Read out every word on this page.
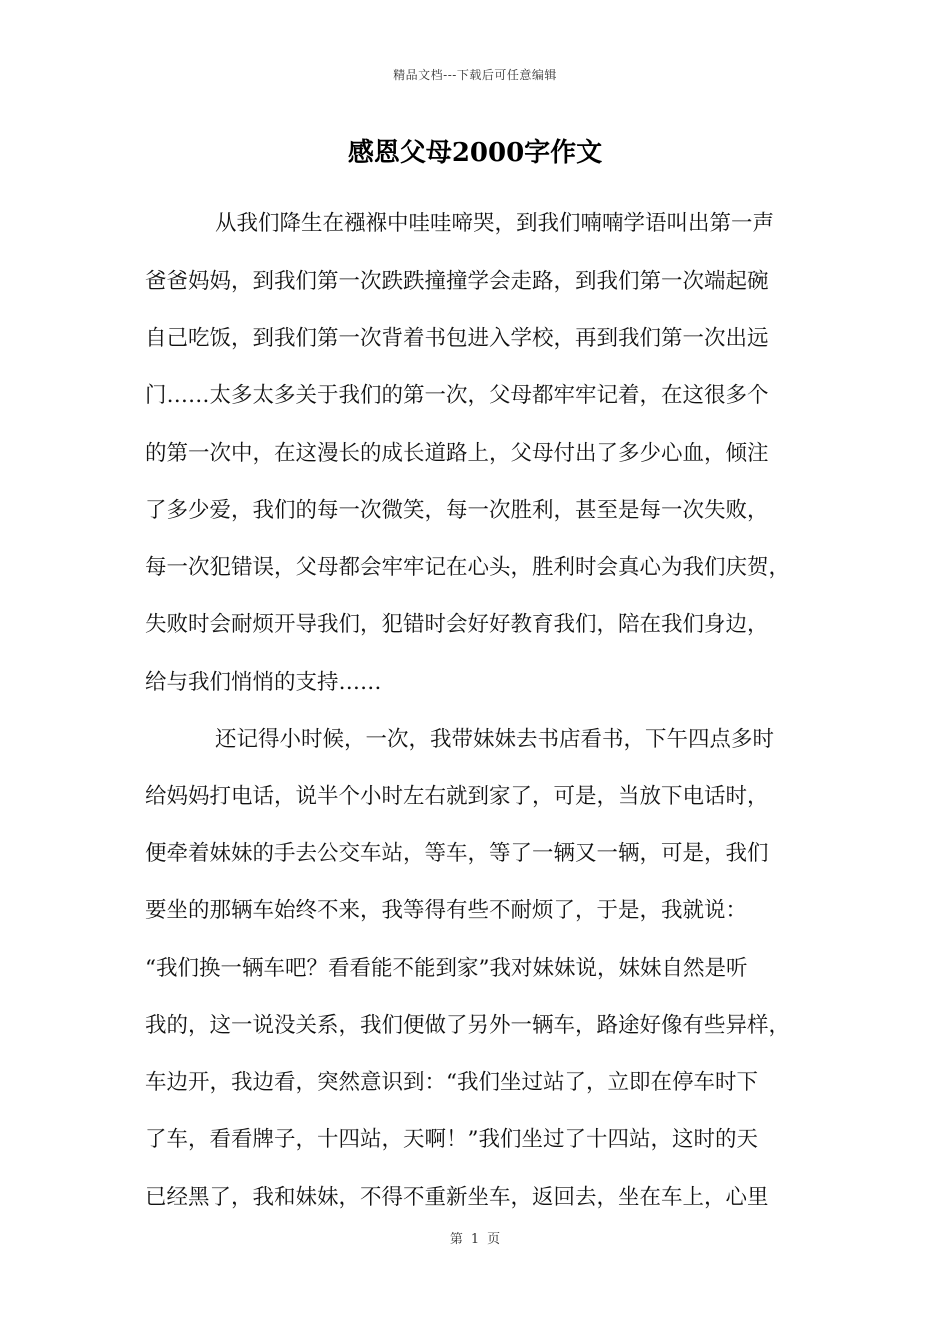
精品文档---下载后可任意编辑
感恩父母2000字作文
从我们降生在襁褓中哇哇啼哭，到我们喃喃学语叫出第一声
爸爸妈妈，到我们第一次跌跌撞撞学会走路，到我们第一次端起碗
自己吃饭，到我们第一次背着书包进入学校，再到我们第一次出远
门……太多太多关于我们的第一次，父母都牢牢记着，在这很多个
的第一次中，在这漫长的成长道路上，父母付出了多少心血，倾注
了多少爱，我们的每一次微笑，每一次胜利，甚至是每一次失败，
每一次犯错误，父母都会牢牢记在心头，胜利时会真心为我们庆贺，
失败时会耐烦开导我们，犯错时会好好教育我们，陪在我们身边，
给与我们悄悄的支持……
还记得小时候，一次，我带妹妹去书店看书，下午四点多时
给妈妈打电话，说半个小时左右就到家了，可是，当放下电话时，
便牵着妹妹的手去公交车站，等车，等了一辆又一辆，可是，我们
要坐的那辆车始终不来，我等得有些不耐烦了，于是，我就说：
“我们换一辆车吧？看看能不能到家”我对妹妹说，妹妹自然是听
我的，这一说没关系，我们便做了另外一辆车，路途好像有些异样，
车边开，我边看，突然意识到：“我们坐过站了，立即在停车时下
了车，看看牌子，十四站，天啊！”我们坐过了十四站，这时的天
已经黑了，我和妹妹，不得不重新坐车，返回去，坐在车上，心里
第 1 页
